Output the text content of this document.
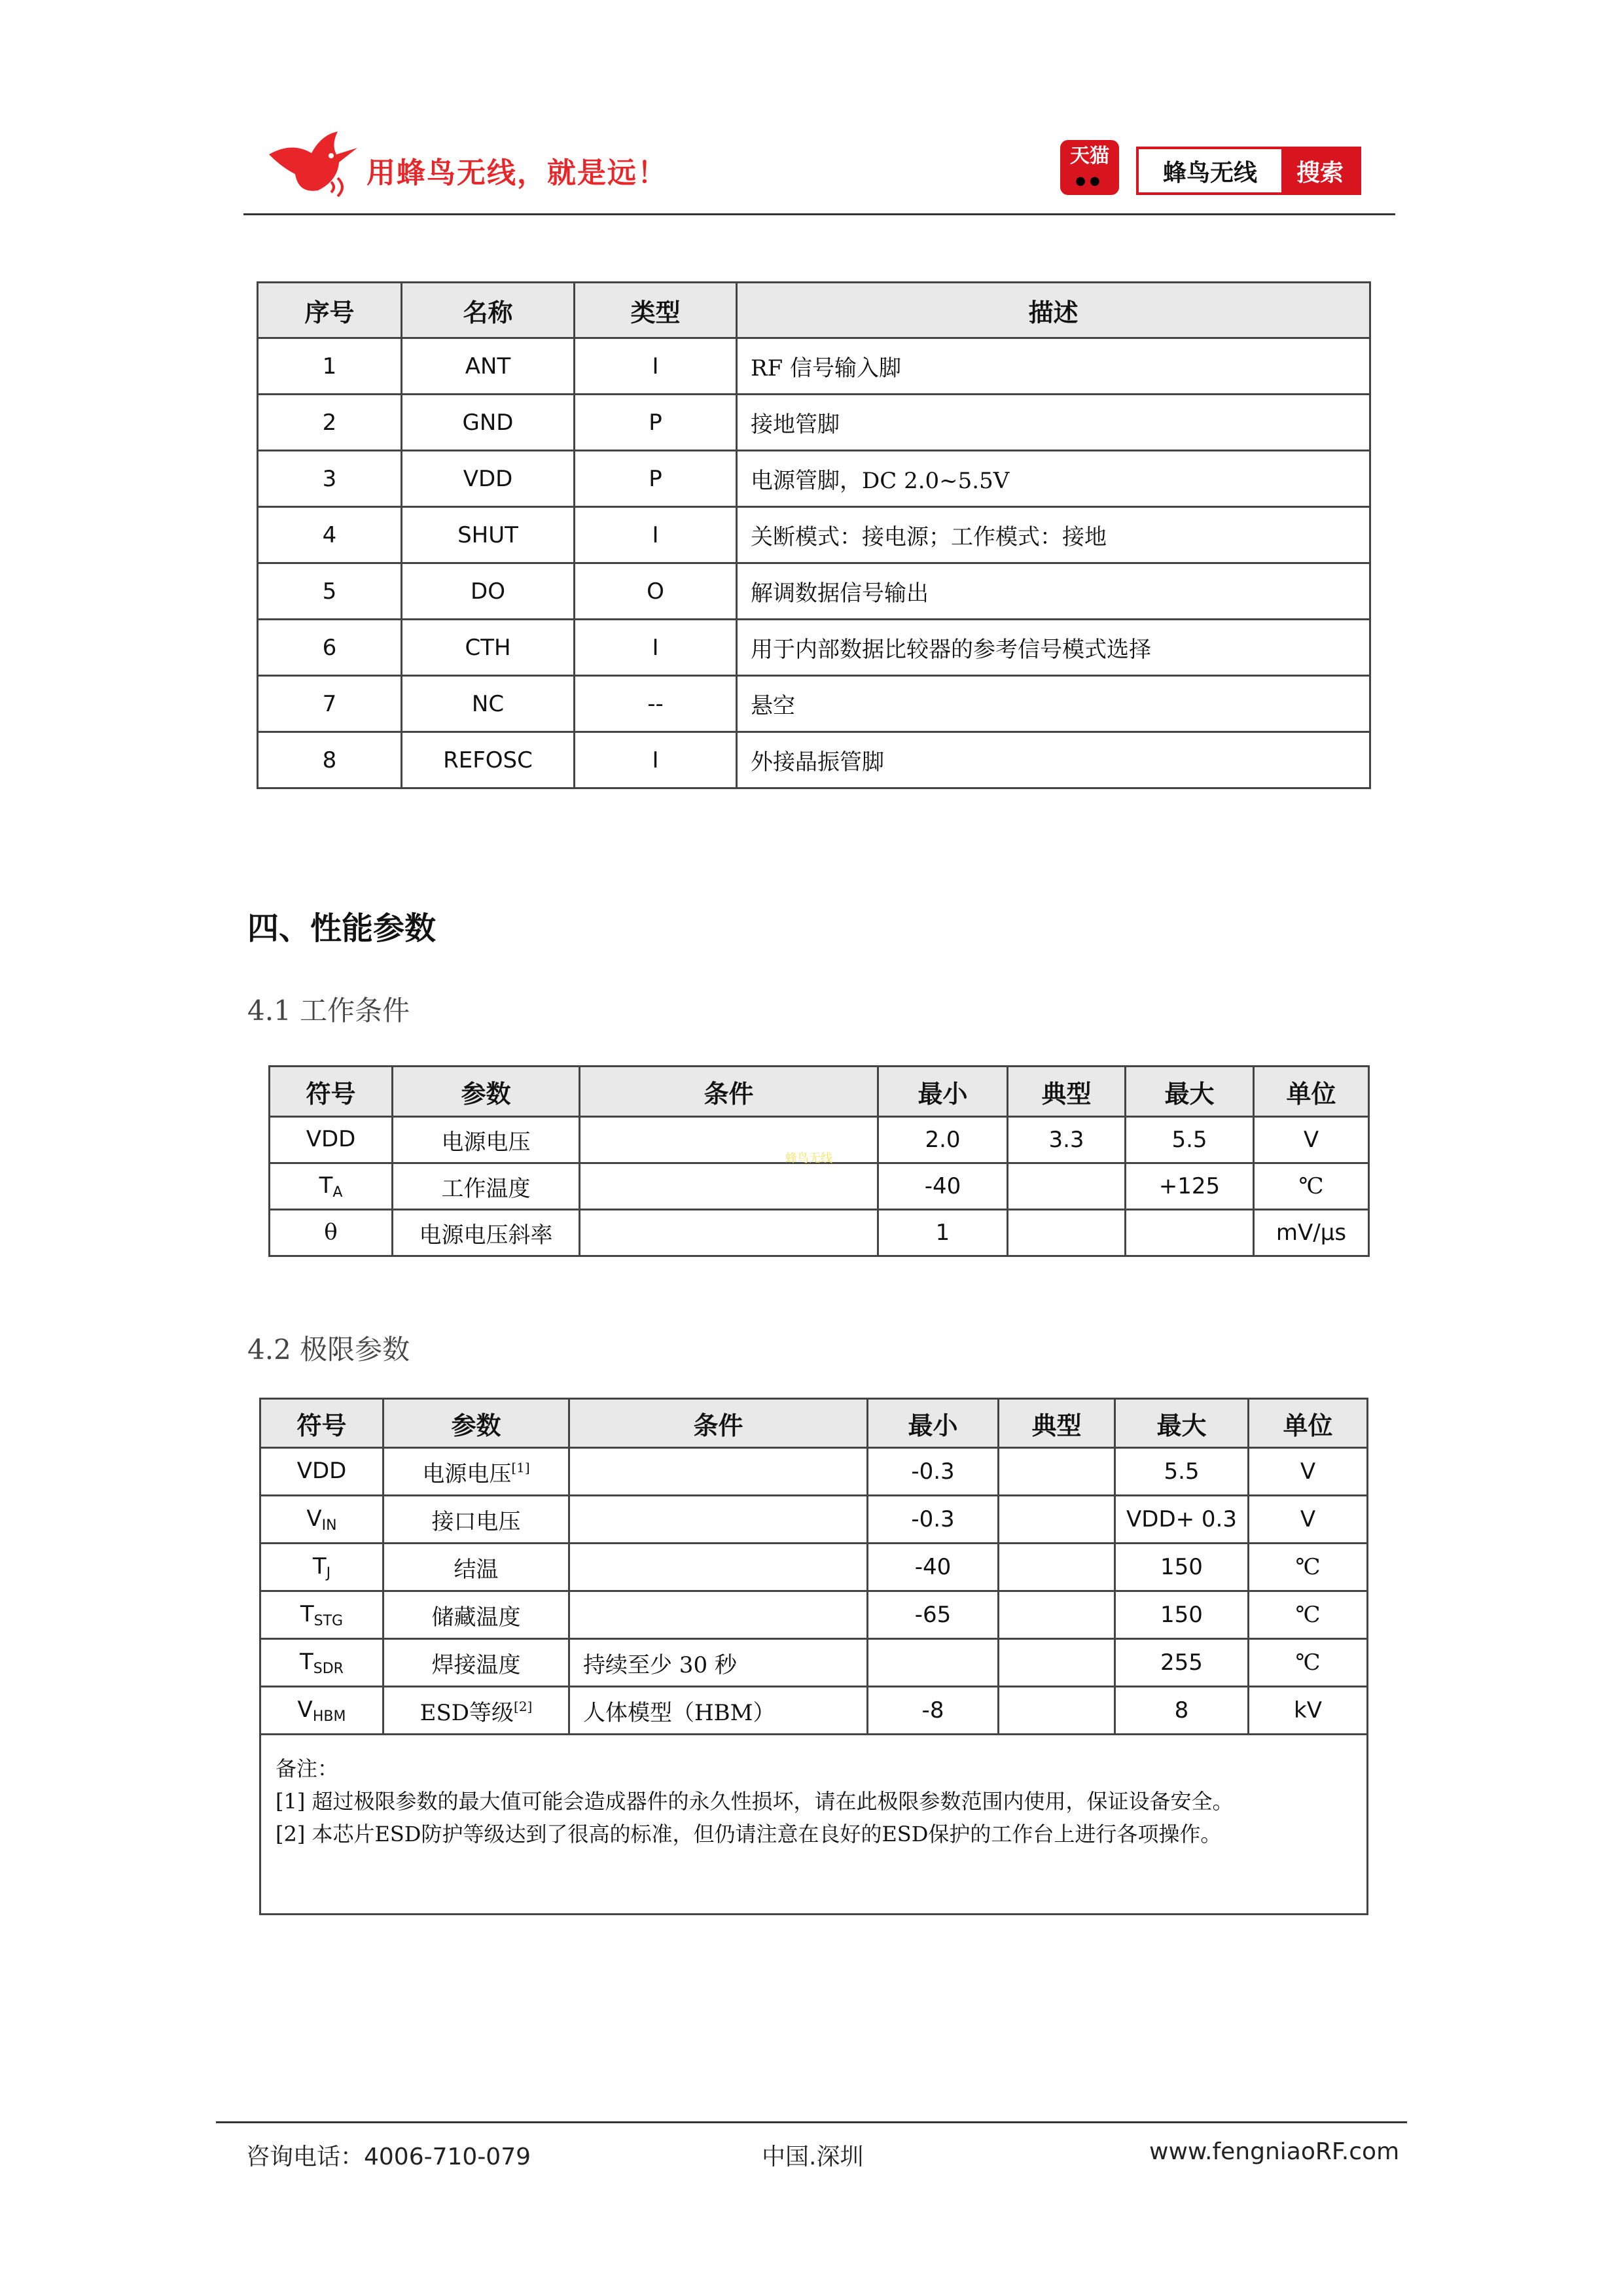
用蜂鸟无线，就是远！
天猫
●●	蜂鸟无线	搜索
序号	名称	类型	描述
1	ANT	I	RF 信号输入脚
2	GND	P	接地管脚
3	VDD	P	电源管脚，DC 2.0~5.5V
4	SHUT	I	关断模式：接电源；工作模式：接地
5	DO	O	解调数据信号输出
6	CTH	I	用于内部数据比较器的参考信号模式选择
7	NC	--	悬空
8	REFOSC	I	外接晶振管脚
四、性能参数
4.1 工作条件
符号	参数	条件	最小	典型	最大	单位
VDD	电源电压		2.0	3.3	5.5	V
$T_A$	工作温度		-40		+125	℃
θ	电源电压斜率		1			mV/μs
蜂鸟无线
4.2 极限参数
符号	参数	条件	最小	典型	最大	单位
VDD	电源电压[1]		-0.3		5.5	V
$V_{IN}$	接口电压		-0.3		VDD+ 0.3	V
$T_J$	结温		-40		150	℃
$T_{STG}$	储藏温度		-65		150	℃
$T_{SDR}$	焊接温度	持续至少 30 秒			255	℃
$V_{HBM}$	ESD等级[2]	人体模型（HBM）	-8		8	kV

备注：
[1] 超过极限参数的最大值可能会造成器件的永久性损坏，请在此极限参数范围内使用，保证设备安全。
[2] 本芯片ESD防护等级达到了很高的标准，但仍请注意在良好的ESD保护的工作台上进行各项操作。						
咨询电话：4006-710-079	中国.深圳	www.fengniaoRF.com
